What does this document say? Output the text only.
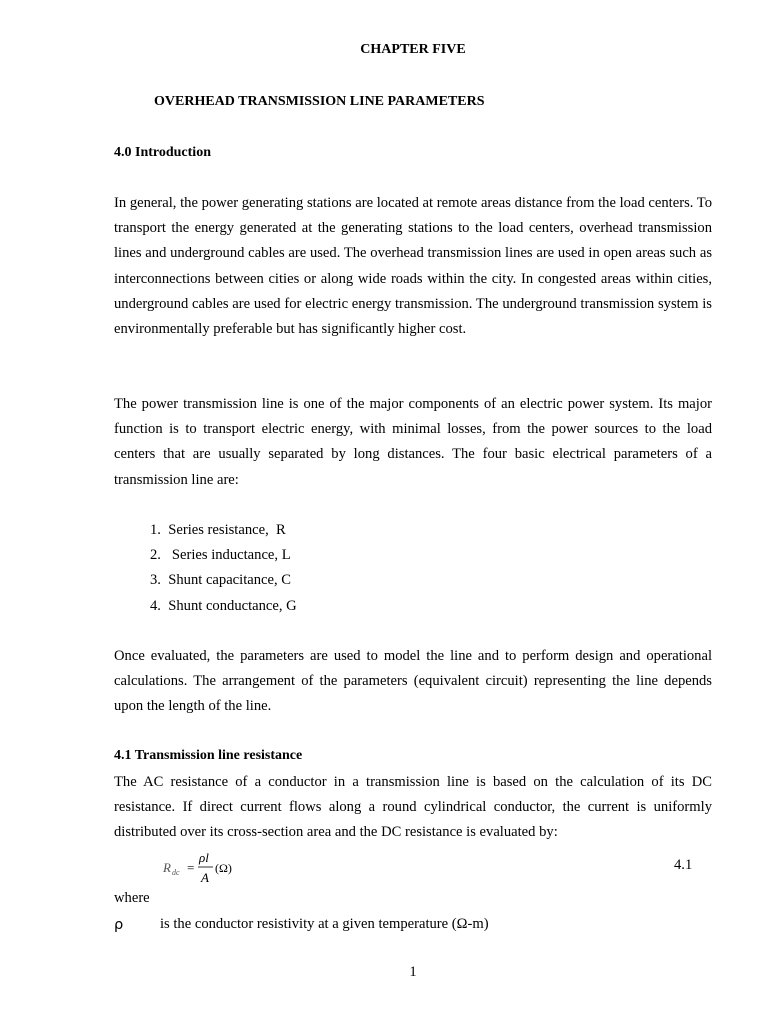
CHAPTER FIVE
OVERHEAD TRANSMISSION LINE PARAMETERS
4.0 Introduction

In general, the power generating stations are located at remote areas distance from the load centers. To transport the energy generated at the generating stations to the load centers, overhead transmission lines and underground cables are used. The overhead transmission lines are used in open areas such as interconnections between cities or along wide roads within the city. In congested areas within cities, underground cables are used for electric energy transmission. The underground transmission system is environmentally preferable but has significantly higher cost.

The power transmission line is one of the major components of an electric power system. Its major function is to transport electric energy, with minimal losses, from the power sources to the load centers that are usually separated by long distances. The four basic electrical parameters of a transmission line are:

1.  Series resistance,  R
2.   Series inductance, L
3.  Shunt capacitance, C
4.  Shunt conductance, G

Once evaluated, the parameters are used to model the line and to perform design and operational calculations. The arrangement of the parameters (equivalent circuit) representing the line depends upon the length of the line.

4.1 Transmission line resistance

The AC resistance of a conductor in a transmission line is based on the calculation of its DC resistance. If direct current flows along a round cylindrical conductor, the current is uniformly distributed over its cross-section area and the DC resistance is evaluated by:

R dc =
ρl
A
(Ω)	4.1
where
ρ	is the conductor resistivity at a given temperature (Ω-m)
1
